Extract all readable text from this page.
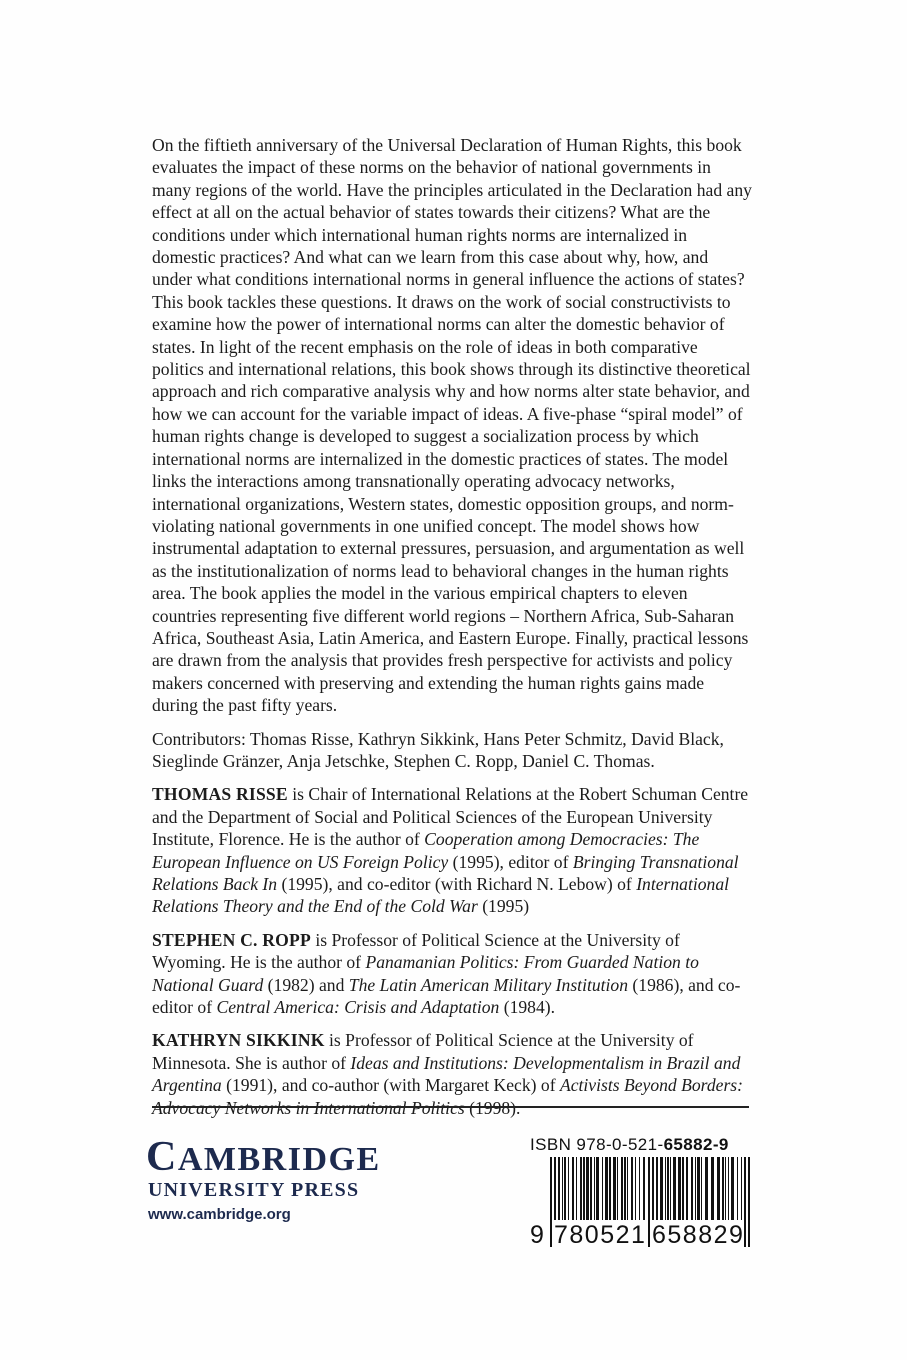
On the fiftieth anniversary of the Universal Declaration of Human Rights, this book evaluates the impact of these norms on the behavior of national governments in many regions of the world. Have the principles articulated in the Declaration had any effect at all on the actual behavior of states towards their citizens? What are the conditions under which international human rights norms are internalized in domestic practices? And what can we learn from this case about why, how, and under what conditions international norms in general influence the actions of states? This book tackles these questions. It draws on the work of social constructivists to examine how the power of international norms can alter the domestic behavior of states. In light of the recent emphasis on the role of ideas in both comparative politics and international relations, this book shows through its distinctive theoretical approach and rich comparative analysis why and how norms alter state behavior, and how we can account for the variable impact of ideas. A five-phase “spiral model” of human rights change is developed to suggest a socialization process by which international norms are internalized in the domestic practices of states. The model links the interactions among transnationally operating advocacy networks, international organizations, Western states, domestic opposition groups, and norm-violating national governments in one unified concept. The model shows how instrumental adaptation to external pressures, persuasion, and argumentation as well as the institutionalization of norms lead to behavioral changes in the human rights area. The book applies the model in the various empirical chapters to eleven countries representing five different world regions – Northern Africa, Sub-Saharan Africa, Southeast Asia, Latin America, and Eastern Europe. Finally, practical lessons are drawn from the analysis that provides fresh perspective for activists and policy makers concerned with preserving and extending the human rights gains made during the past fifty years.

Contributors: Thomas Risse, Kathryn Sikkink, Hans Peter Schmitz, David Black, Sieglinde Gränzer, Anja Jetschke, Stephen C. Ropp, Daniel C. Thomas.

THOMAS RISSE is Chair of International Relations at the Robert Schuman Centre and the Department of Social and Political Sciences of the European University Institute, Florence. He is the author of Cooperation among Democracies: The European Influence on US Foreign Policy (1995), editor of Bringing Transnational Relations Back In (1995), and co-editor (with Richard N. Lebow) of International Relations Theory and the End of the Cold War (1995)

STEPHEN C. ROPP is Professor of Political Science at the University of Wyoming. He is the author of Panamanian Politics: From Guarded Nation to National Guard (1982) and The Latin American Military Institution (1986), and co-editor of Central America: Crisis and Adaptation (1984).

KATHRYN SIKKINK is Professor of Political Science at the University of Minnesota. She is author of Ideas and Institutions: Developmentalism in Brazil and Argentina (1991), and co-author (with Margaret Keck) of Activists Beyond Borders:

CAMBRIDGE
UNIVERSITY PRESS
www.cambridge.org
ISBN 978-0-521-65882-9
9 780521 658829
